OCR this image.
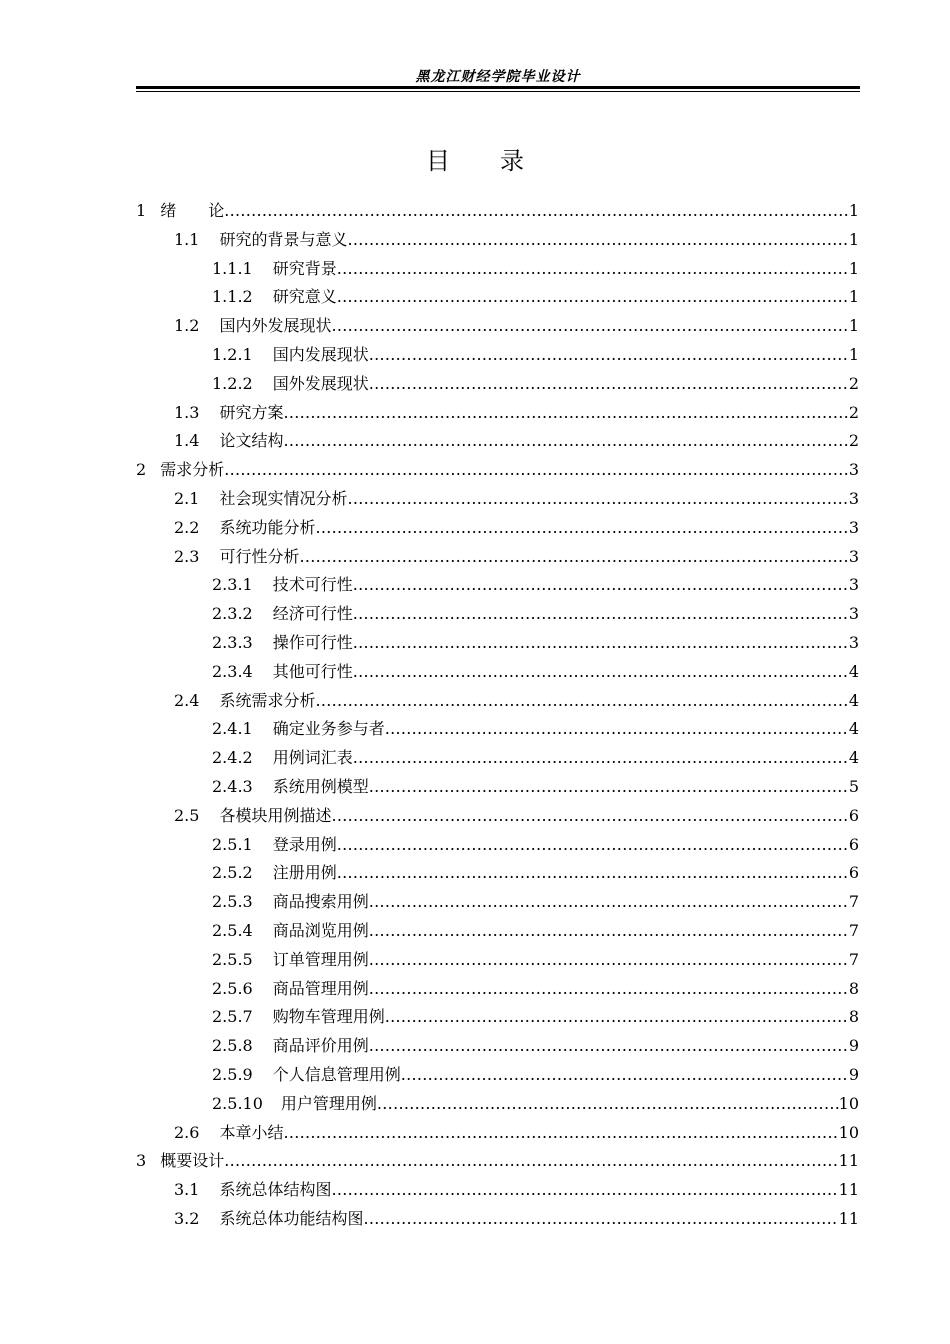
黑龙江财经学院毕业设计
目 录
1 绪　　论 .....	1
1.1	研究的背景与意义 .....	1
1.1.1	研究背景 .....	1
1.1.2	研究意义 .....	1
1.2	国内外发展现状 .....	1
1.2.1	国内发展现状 .....	1
1.2.2	国外发展现状 .....	2
1.3	研究方案 .....	2
1.4	论文结构 .....	2
2 需求分析 .....	3
2.1	社会现实情况分析 .....	3
2.2	系统功能分析 .....	3
2.3	可行性分析 .....	3
2.3.1	技术可行性 .....	3
2.3.2	经济可行性 .....	3
2.3.3	操作可行性 .....	3
2.3.4	其他可行性 .....	4
2.4	系统需求分析 .....	4
2.4.1	确定业务参与者 .....	4
2.4.2	用例词汇表 .....	4
2.4.3	系统用例模型 .....	5
2.5	各模块用例描述 .....	6
2.5.1	登录用例 .....	6
2.5.2	注册用例 .....	6
2.5.3	商品搜索用例 .....	7
2.5.4	商品浏览用例 .....	7
2.5.5	订单管理用例 .....	7
2.5.6	商品管理用例 .....	8
2.5.7	购物车管理用例 .....	8
2.5.8	商品评价用例 .....	9
2.5.9	个人信息管理用例 .....	9
2.5.10	用户管理用例 .....	10
2.6	本章小结 .....	10
3 概要设计 .....	11
3.1	系统总体结构图 .....	11
3.2	系统总体功能结构图 .....	11
